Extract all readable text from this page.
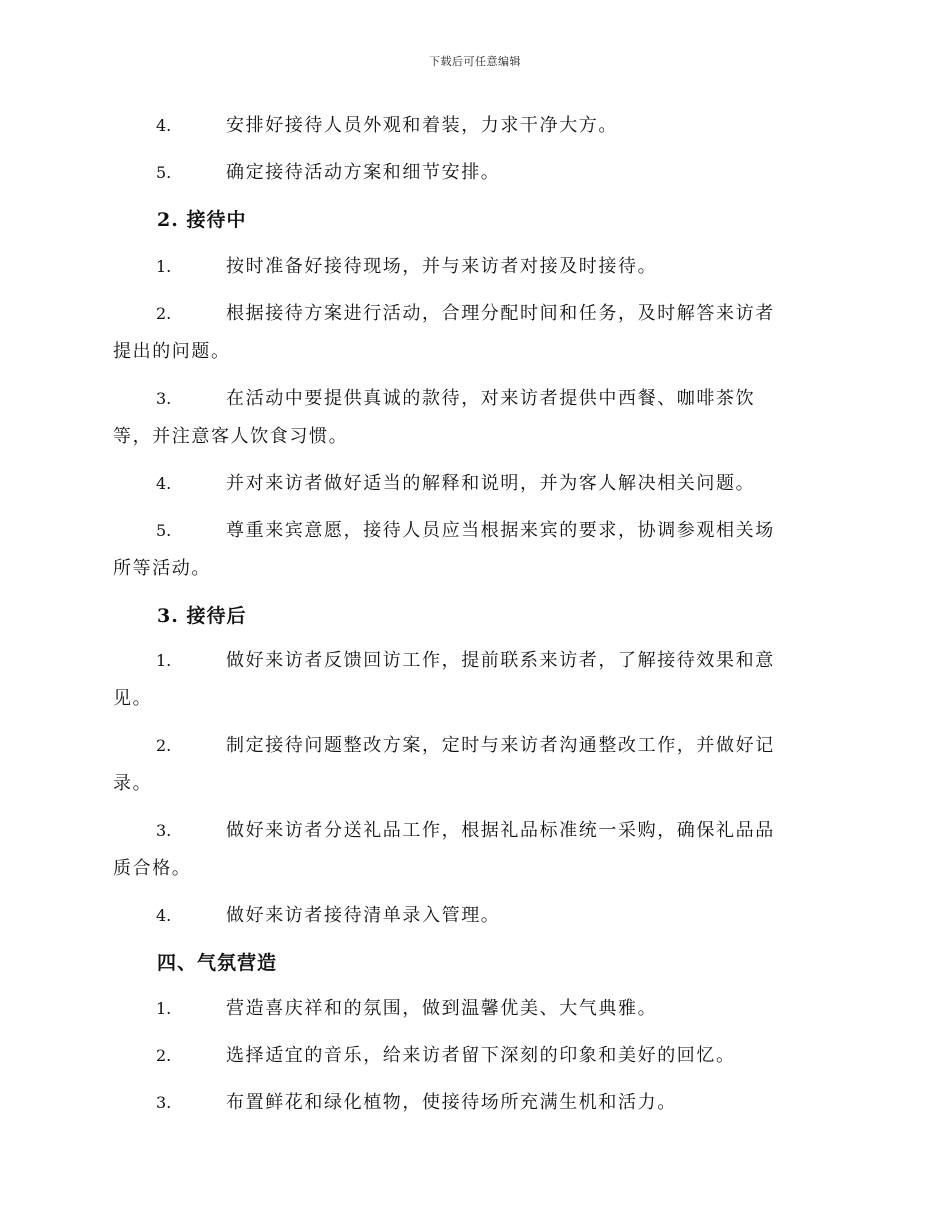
下载后可任意编辑
4.	安排好接待人员外观和着装，力求干净大方。
5.	确定接待活动方案和细节安排。
2. 接待中
1.	按时准备好接待现场，并与来访者对接及时接待。
2.	根据接待方案进行活动，合理分配时间和任务，及时解答来访者
提出的问题。
3.	在活动中要提供真诚的款待，对来访者提供中西餐、咖啡茶饮
等，并注意客人饮食习惯。
4.	并对来访者做好适当的解释和说明，并为客人解决相关问题。
5.	尊重来宾意愿，接待人员应当根据来宾的要求，协调参观相关场
所等活动。
3. 接待后
1.	做好来访者反馈回访工作，提前联系来访者，了解接待效果和意
见。
2.	制定接待问题整改方案，定时与来访者沟通整改工作，并做好记
录。
3.	做好来访者分送礼品工作，根据礼品标准统一采购，确保礼品品
质合格。
4.	做好来访者接待清单录入管理。
四、气氛营造
1.	营造喜庆祥和的氛围，做到温馨优美、大气典雅。
2.	选择适宜的音乐，给来访者留下深刻的印象和美好的回忆。
3.	布置鲜花和绿化植物，使接待场所充满生机和活力。
